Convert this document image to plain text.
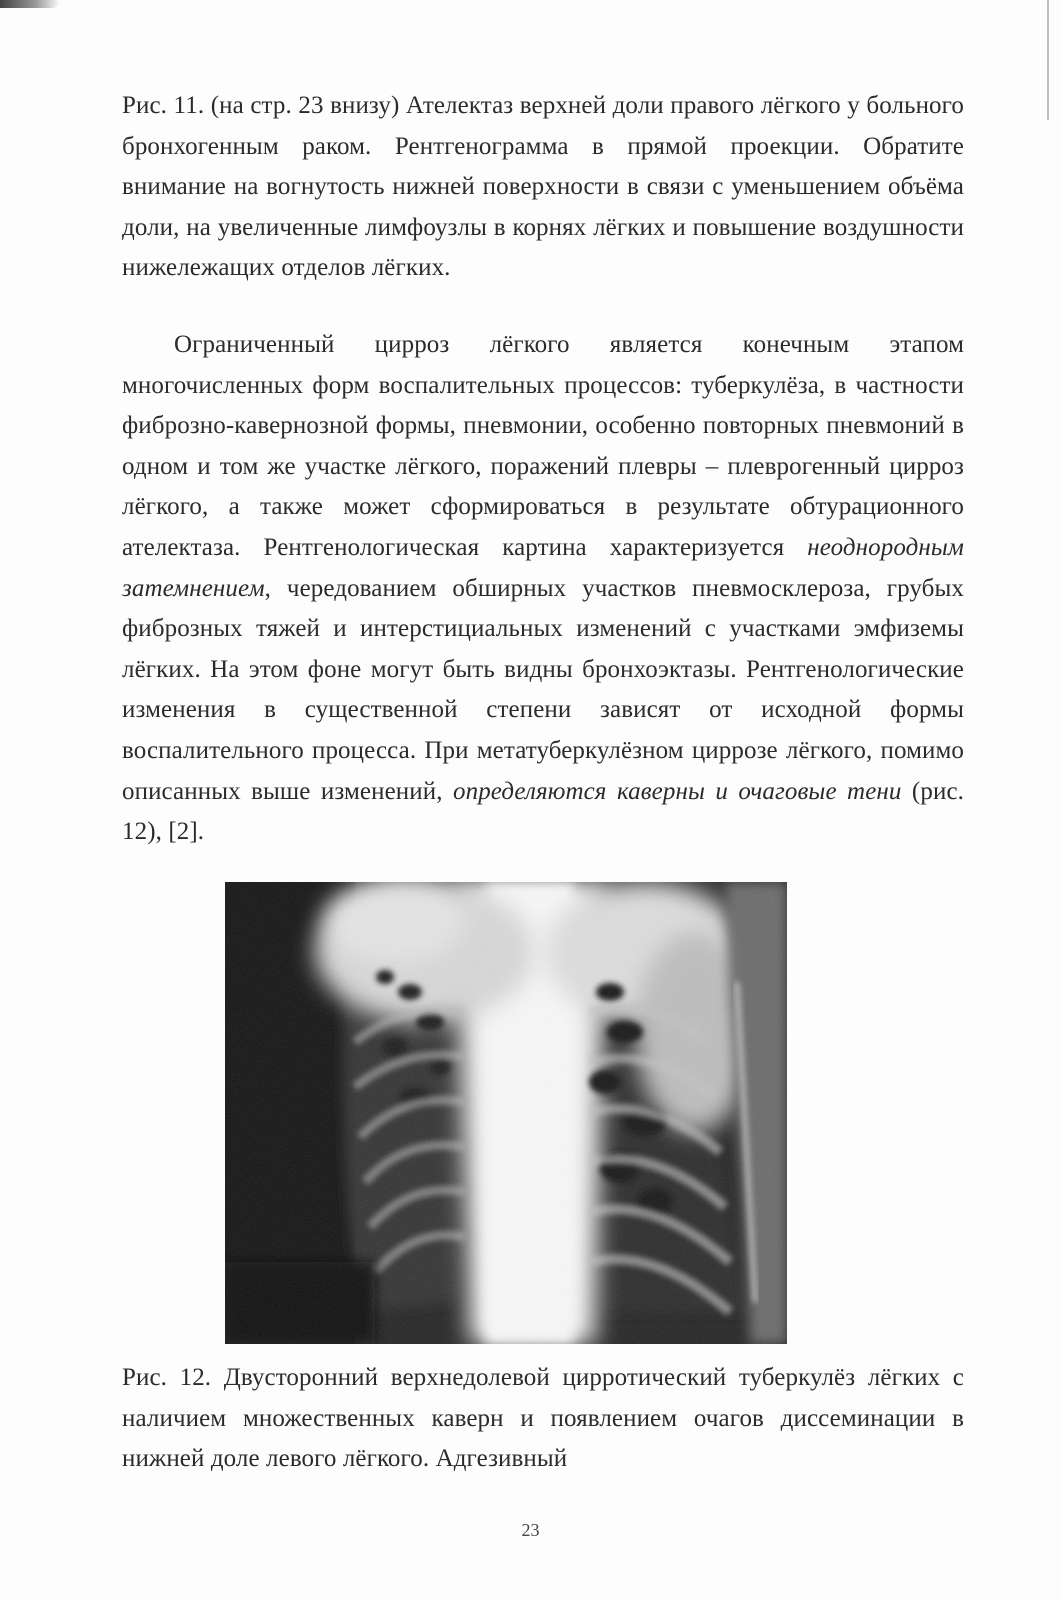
Рис. 11. (на стр. 23 внизу) Ателектаз верхней доли правого лёгкого у больного бронхогенным раком. Рентгенограмма в прямой проекции. Обратите внимание на вогнутость нижней поверхности в связи с уменьшением объёма доли, на увеличенные лимфоузлы в корнях лёгких и повышение воздушности нижележащих отделов лёгких.

Ограниченный цирроз лёгкого является конечным этапом многочисленных форм воспалительных процессов: туберкулёза, в частности фиброзно-кавернозной формы, пневмонии, особенно повторных пневмоний в одном и том же участке лёгкого, поражений плевры – плеврогенный цирроз лёгкого, а также может сформироваться в результате обтурационного ателектаза. Рентгенологическая картина характеризуется неоднородным затемнением, чередованием обширных участков пневмосклероза, грубых фиброзных тяжей и интерстициальных изменений с участками эмфиземы лёгких. На этом фоне могут быть видны бронхоэктазы. Рентгенологические изменения в существенной степени зависят от исходной формы воспалительного процесса. При метатуберкулёзном циррозе лёгкого, помимо описанных выше изменений, определяются каверны и очаговые тени (рис. 12), [2].

Рис. 12. Двусторонний верхнедолевой цирротический туберкулёз лёгких с наличием множественных каверн и появлением очагов диссеминации в нижней доле левого лёгкого. Адгезивный

23
